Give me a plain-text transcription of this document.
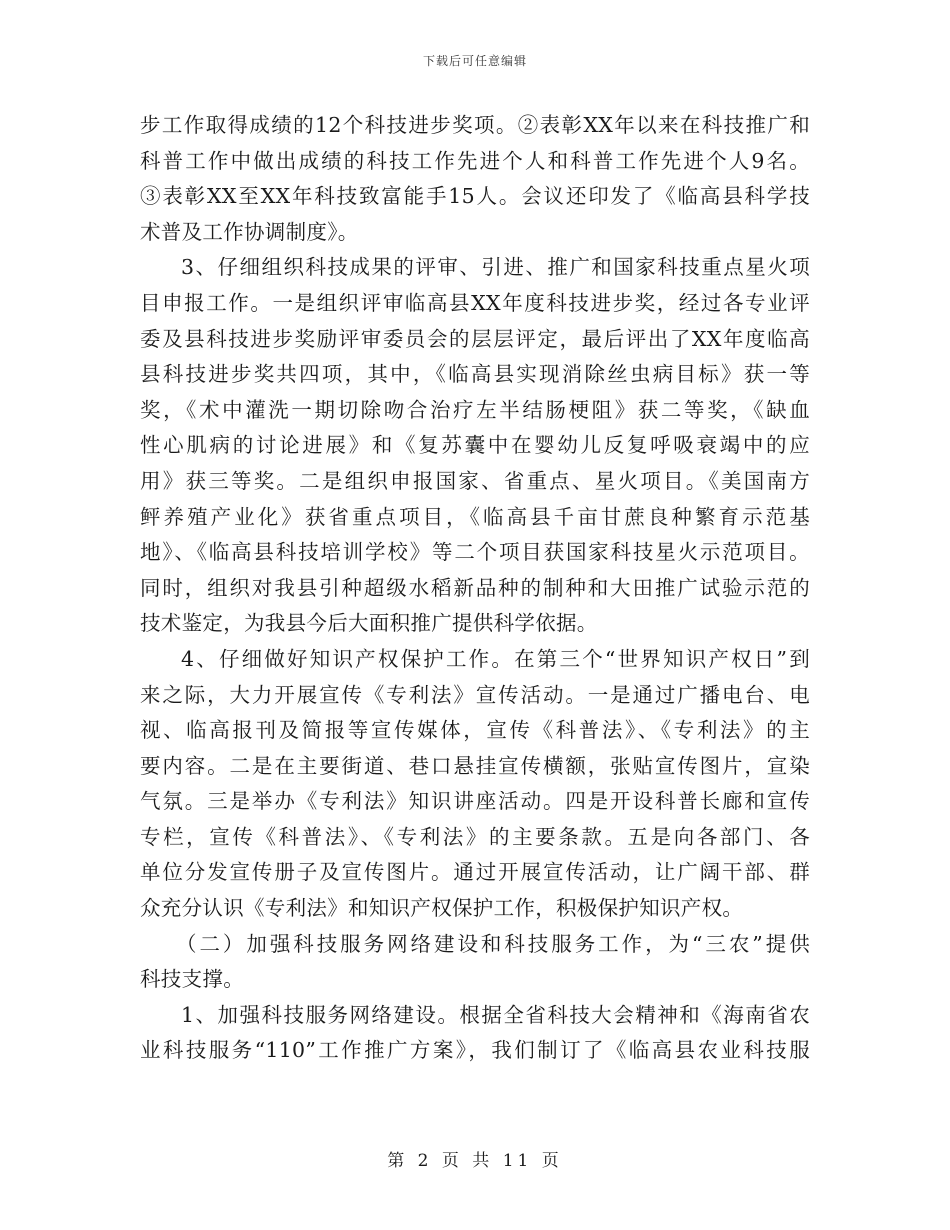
下载后可任意编辑
步工作取得成绩的12个科技进步奖项。②表彰XX年以来在科技推广和
科普工作中做出成绩的科技工作先进个人和科普工作先进个人9名。
③表彰XX至XX年科技致富能手15人。会议还印发了《临高县科学技
术普及工作协调制度》。
3、仔细组织科技成果的评审、引进、推广和国家科技重点星火项
目申报工作。一是组织评审临高县XX年度科技进步奖，经过各专业评
委及县科技进步奖励评审委员会的层层评定，最后评出了XX年度临高
县科技进步奖共四项，其中，《临高县实现消除丝虫病目标》获一等
奖，《术中灌洗一期切除吻合治疗左半结肠梗阻》获二等奖，《缺血
性心肌病的讨论进展》和《复苏囊中在婴幼儿反复呼吸衰竭中的应
用》获三等奖。二是组织申报国家、省重点、星火项目。《美国南方
鲆养殖产业化》获省重点项目，《临高县千亩甘蔗良种繁育示范基
地》、《临高县科技培训学校》等二个项目获国家科技星火示范项目。
同时，组织对我县引种超级水稻新品种的制种和大田推广试验示范的
技术鉴定，为我县今后大面积推广提供科学依据。
4、仔细做好知识产权保护工作。在第三个“世界知识产权日”到
来之际，大力开展宣传《专利法》宣传活动。一是通过广播电台、电
视、临高报刊及简报等宣传媒体，宣传《科普法》、《专利法》的主
要内容。二是在主要街道、巷口悬挂宣传横额，张贴宣传图片，宣染
气氛。三是举办《专利法》知识讲座活动。四是开设科普长廊和宣传
专栏，宣传《科普法》、《专利法》的主要条款。五是向各部门、各
单位分发宣传册子及宣传图片。通过开展宣传活动，让广阔干部、群
众充分认识《专利法》和知识产权保护工作，积极保护知识产权。
（二）加强科技服务网络建设和科技服务工作，为“三农”提供
科技支撑。
1、加强科技服务网络建设。根据全省科技大会精神和《海南省农
业科技服务“110”工作推广方案》，我们制订了《临高县农业科技服
第 2 页 共 11 页
